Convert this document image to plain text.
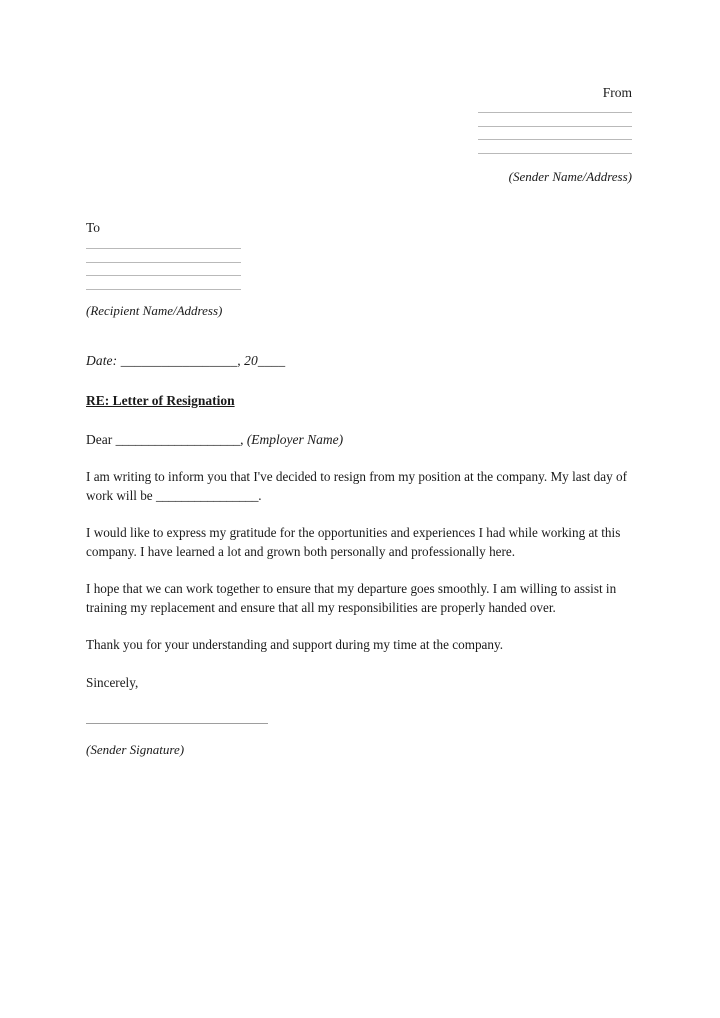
From
(Sender Name/Address)
To
(Recipient Name/Address)
Date: _________________, 20____
RE: Letter of Resignation
Dear ___________________, (Employer Name)
I am writing to inform you that I've decided to resign from my position at the company. My last day of work will be ________________.
I would like to express my gratitude for the opportunities and experiences I had while working at this company. I have learned a lot and grown both personally and professionally here.
I hope that we can work together to ensure that my departure goes smoothly. I am willing to assist in training my replacement and ensure that all my responsibilities are properly handed over.
Thank you for your understanding and support during my time at the company.
Sincerely,
(Sender Signature)
